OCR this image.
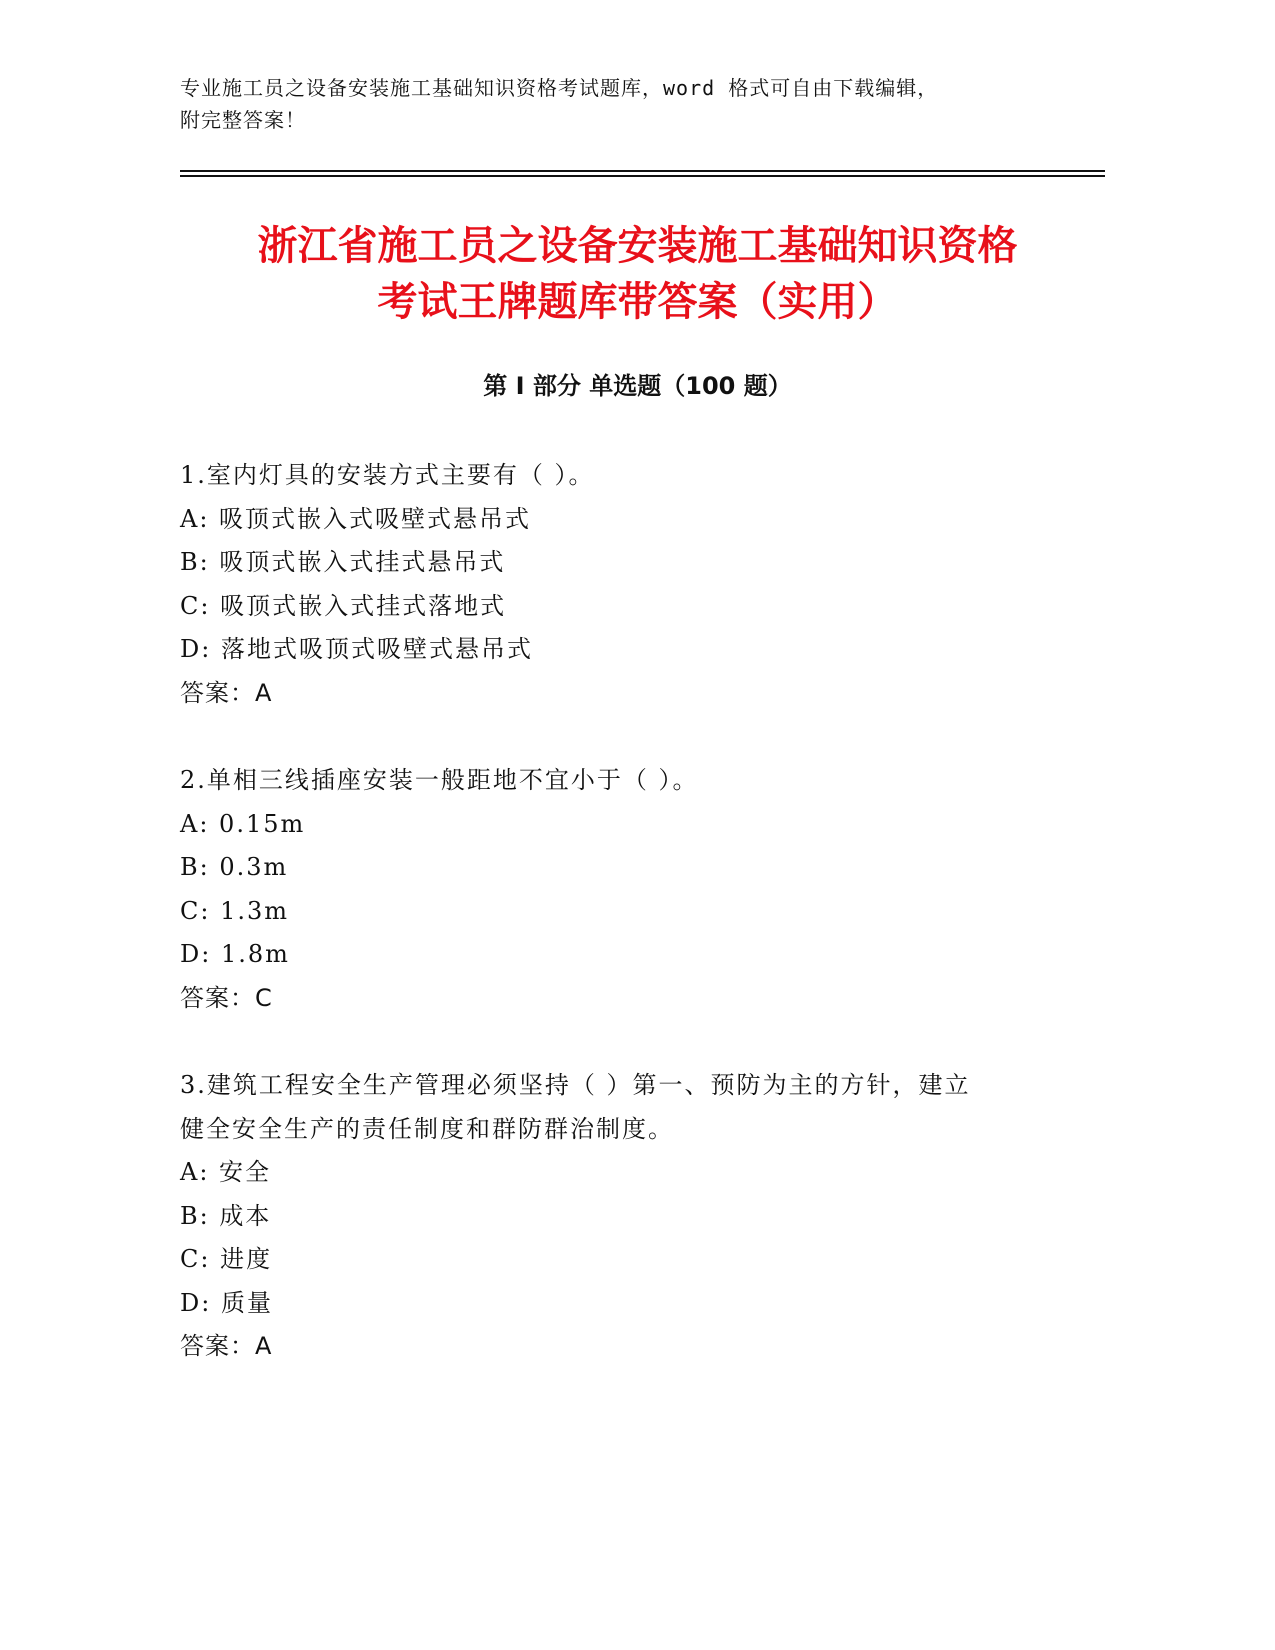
专业施工员之设备安装施工基础知识资格考试题库，word 格式可自由下载编辑，
附完整答案！
浙江省施工员之设备安装施工基础知识资格
考试王牌题库带答案（实用）
第 I 部分 单选题（100 题）
1.室内灯具的安装方式主要有（ ）。
A: 吸顶式嵌入式吸壁式悬吊式
B: 吸顶式嵌入式挂式悬吊式
C: 吸顶式嵌入式挂式落地式
D: 落地式吸顶式吸壁式悬吊式
答案：A
2.单相三线插座安装一般距地不宜小于（ ）。
A: 0.15m
B: 0.3m
C: 1.3m
D: 1.8m
答案：C
3.建筑工程安全生产管理必须坚持（ ）第一、预防为主的方针，建立
健全安全生产的责任制度和群防群治制度。
A: 安全
B: 成本
C: 进度
D: 质量
答案：A
